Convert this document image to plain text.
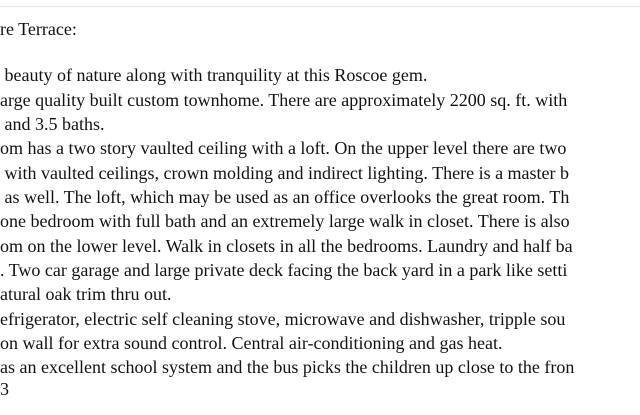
re Terrace:
beauty of nature along with tranquility at this Roscoe gem.
arge quality built custom townhome. There are approximately 2200 sq. ft. with
and 3.5 baths.
om has a two story vaulted ceiling with a loft. On the upper level there are two
with vaulted ceilings, crown molding and indirect lighting. There is a master b
as well. The loft, which may be used as an office overlooks the great room. Th
one bedroom with full bath and an extremely large walk in closet. There is also
om on the lower level. Walk in closets in all the bedrooms. Laundry and half ba
. Two car garage and large private deck facing the back yard in a park like setti
atural oak trim thru out.
efrigerator, electric self cleaning stove, microwave and dishwasher, tripple sou
on wall for extra sound control. Central air-conditioning and gas heat.
as an excellent school system and the bus picks the children up close to the fron
3
